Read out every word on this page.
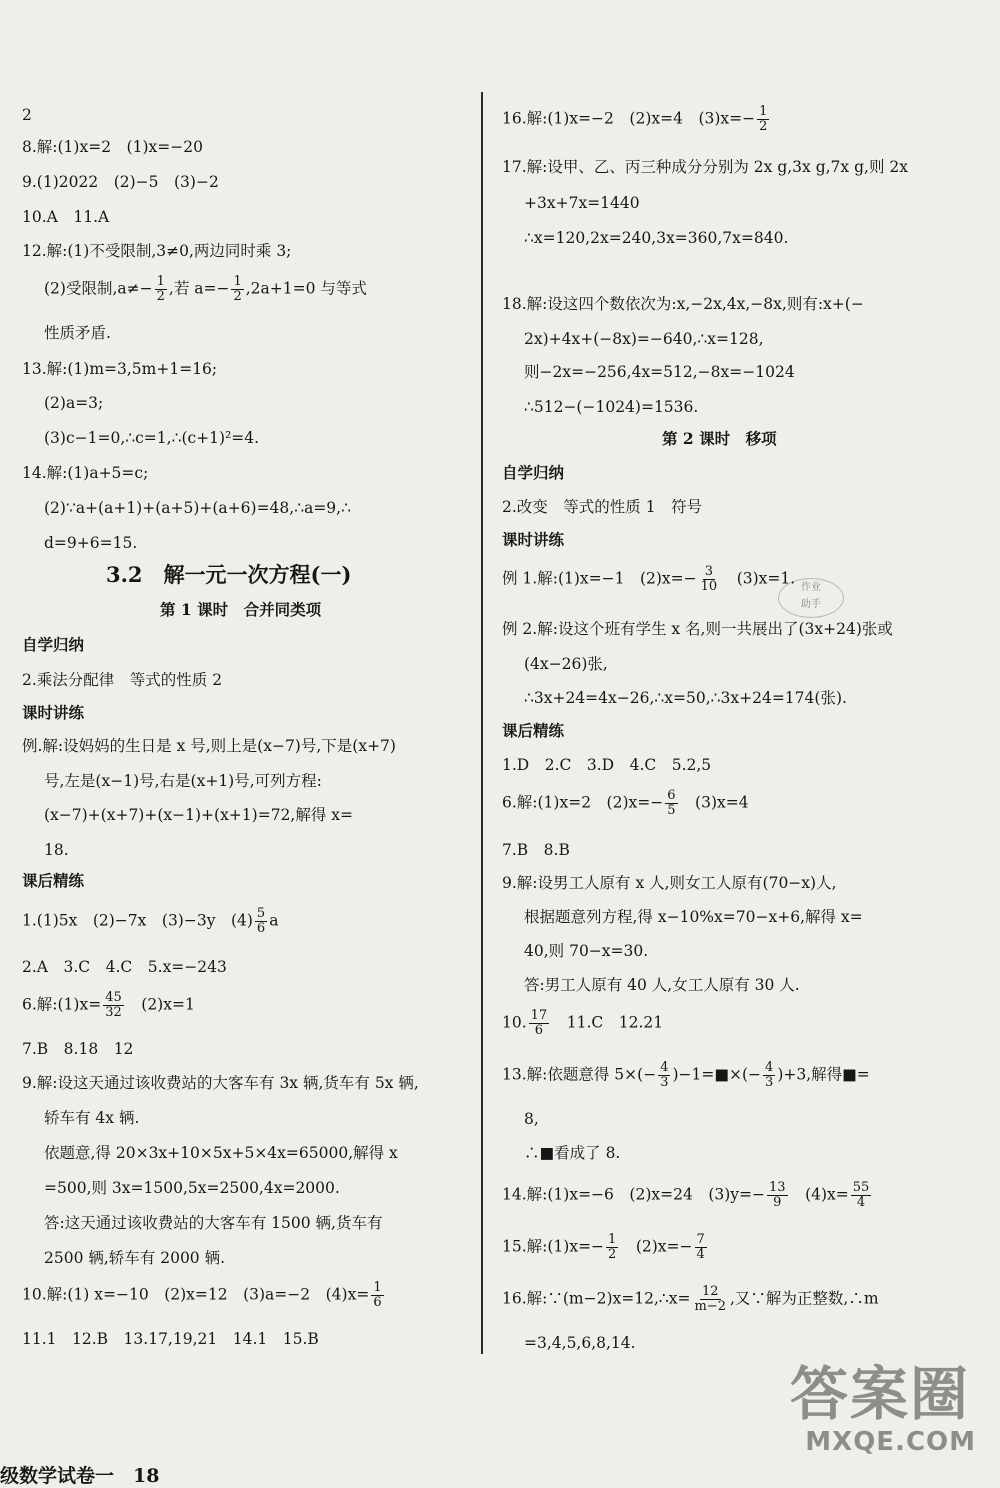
2
8.解:(1)x=2　(1)x=−20
9.(1)2022　(2)−5　(3)−2
10.A　11.A
12.解:(1)不受限制,3≠0,两边同时乘 3;
(2)受限制$,a\ne- \frac{1}{2}$ ,若 $a=- \frac{1}{2} ,2a+1=0$ 与等式
性质矛盾.
13.解:(1)m=3,5m+1=16;
(2)a=3;
(3)c−1=0,∴c=1,∴(c+1)²=4.
14.解:(1)a+5=c;
(2)∵a+(a+1)+(a+5)+(a+6)=48,∴a=9,∴
d=9+6=15.
3.2　解一元一次方程(一)
第 1 课时　合并同类项
自学归纳
2.乘法分配律　等式的性质 2
课时讲练
例.解:设妈妈的生日是 x 号,则上是(x−7)号,下是(x+7)
号,左是(x−1)号,右是(x+1)号,可列方程:
(x−7)+(x+7)+(x−1)+(x+1)=72,解得 x=
18.
课后精练
1.(1)5x　(2)−7x　(3)−3y　$(4) \frac{5}{6}$ a
2.A　3.C　4.C　5.x=−243
6.解:(1)x= $\frac{45}{32}$
　 (2)x=1
7.B　8.18　12
9.解:设这天通过该收费站的大客车有 3x 辆,货车有 5x 辆,
轿车有 4x 辆.
依题意,得 20×3x+10×5x+5×4x=65000,解得 x
=500,则 3x=1500,5x=2500,4x=2000.
答:这天通过该收费站的大客车有 1500 辆,货车有
2500 辆,轿车有 2000 辆.
10.解:(1) x=−10　(2)x=12　(3)a=−2　$(4)x= \frac{1}{6}$
11.1　12.B　13.17,19,21　14.1　15.B
级数学试卷一　18
16.解:(1)x=−2　(2)x=4　$(3)x=- \frac{1}{2}$
17.解:设甲、乙、丙三种成分分别为 2x g,3x g,7x g,则 2x
+3x+7x=1440
∴x=120,2x=240,3x=360,7x=840.
18.解:设这四个数依次为:x,−2x,4x,−8x,则有:x+(−
2x)+4x+(−8x)=−640,∴x=128,
则−2x=−256,4x=512,−8x=−1024
∴512−(−1024)=1536.
第 2 课时　移项
自学归纳
2.改变　等式的性质 1　符号
课时讲练
例 1.解:(1)x=−1　$(2)x=- \frac{3}{10}$
　 (3)x=1.
例 2.解:设这个班有学生 x 名,则一共展出了(3x+24)张或
(4x−26)张,
∴3x+24=4x−26,∴x=50,∴3x+24=174(张).
课后精练
1.D　2.C　3.D　4.C　5.2,5
6.解:(1)x=2　$(2)x=- \frac{6}{5}$
　 (3)x=4
7.B　8.B
9.解:设男工人原有 x 人,则女工人原有(70−x)人,
根据题意列方程,得 x−10%x=70−x+6,解得 x=
40,则 70−x=30.
答:男工人原有 40 人,女工人原有 30 人.
10. $\frac{17}{6}$
　 11.C　12.21
13.解:依题意得 $5\times(- \frac{4}{3}$ )−1=■×(− $\frac{4}{3} )+3$,解得■=
8,
∴■看成了 8.
14.解:(1)x=−6　(2)x=24　$(3)y=- \frac{13}{9}$
　 $(4)x= \frac{55}{4}$
15.解:(1)x=− $\frac{1}{2}$
　 $(2)x=- \frac{7}{4}$
16.解:∵(m−2)x=12,∴x= $\frac{12}{m-2}$ ,又∵解为正整数,∴m
=3,4,5,6,8,14.
作业
助手
答案圈
MXQE.COM
